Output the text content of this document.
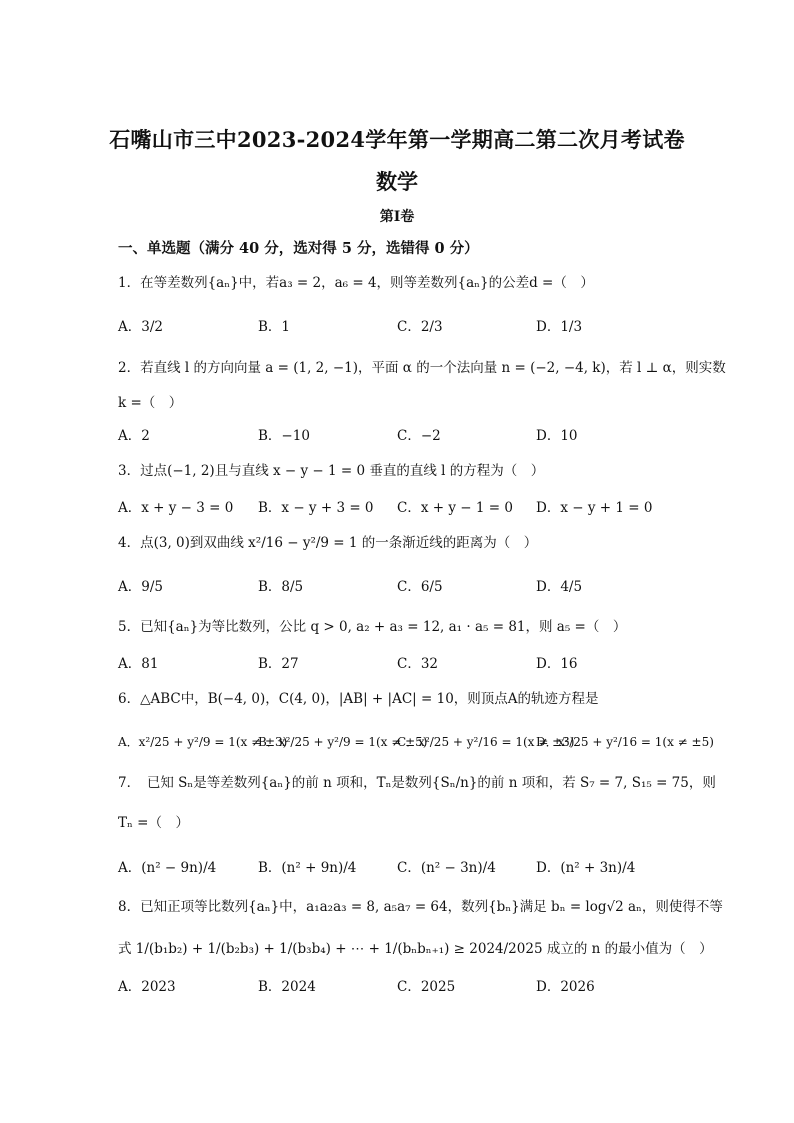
石嘴山市三中2023-2024学年第一学期高二第二次月考试卷
数学
第Ⅰ卷
一、单选题（满分 40 分，选对得 5 分，选错得 0 分）
1．在等差数列{aₙ}中，若a₃ = 2，a₆ = 4，则等差数列{aₙ}的公差d =（　）
A．3/2	B．1	C．2/3	D．1/3
2．若直线 l 的方向向量 a = (1, 2, −1)，平面 α 的一个法向量 n = (−2, −4, k)，若 l ⊥ α，则实数
k =（　）
A．2	B．−10	C．−2	D．10
3．过点(−1, 2)且与直线 x − y − 1 = 0 垂直的直线 l 的方程为（　）
A．x + y − 3 = 0 B．x − y + 3 = 0 C．x + y − 1 = 0 D．x − y + 1 = 0
4．点(3, 0)到双曲线 x²/16 − y²/9 = 1 的一条渐近线的距离为（　）
A．9/5	B．8/5	C．6/5	D．4/5
5．已知{aₙ}为等比数列，公比 q > 0, a₂ + a₃ = 12, a₁ · a₅ = 81，则 a₅ =（　）
A．81	B．27	C．32	D．16
6．△ABC中，B(−4, 0)，C(4, 0)，|AB| + |AC| = 10，则顶点A的轨迹方程是
A．x²/25 + y²/9 = 1(x ≠ ±3)
B．x²/25 + y²/9 = 1(x ≠ ±5)
C．x²/25 + y²/16 = 1(x ≠ ±3)
D．x²/25 + y²/16 = 1(x ≠ ±5)
7．　已知 Sₙ是等差数列{aₙ}的前 n 项和，Tₙ是数列{Sₙ/n}的前 n 项和，若 S₇ = 7, S₁₅ = 75，则
Tₙ =（　）
A．(n² − 9n)/4	B．(n² + 9n)/4	C．(n² − 3n)/4	D．(n² + 3n)/4
8．已知正项等比数列{aₙ}中，a₁a₂a₃ = 8, a₅a₇ = 64，数列{bₙ}满足 bₙ = log√2 aₙ，则使得不等
式 1/(b₁b₂) + 1/(b₂b₃) + 1/(b₃b₄) + ⋯ + 1/(bₙbₙ₊₁) ≥ 2024/2025 成立的 n 的最小值为（　）
A．2023	B．2024	C．2025	D．2026
